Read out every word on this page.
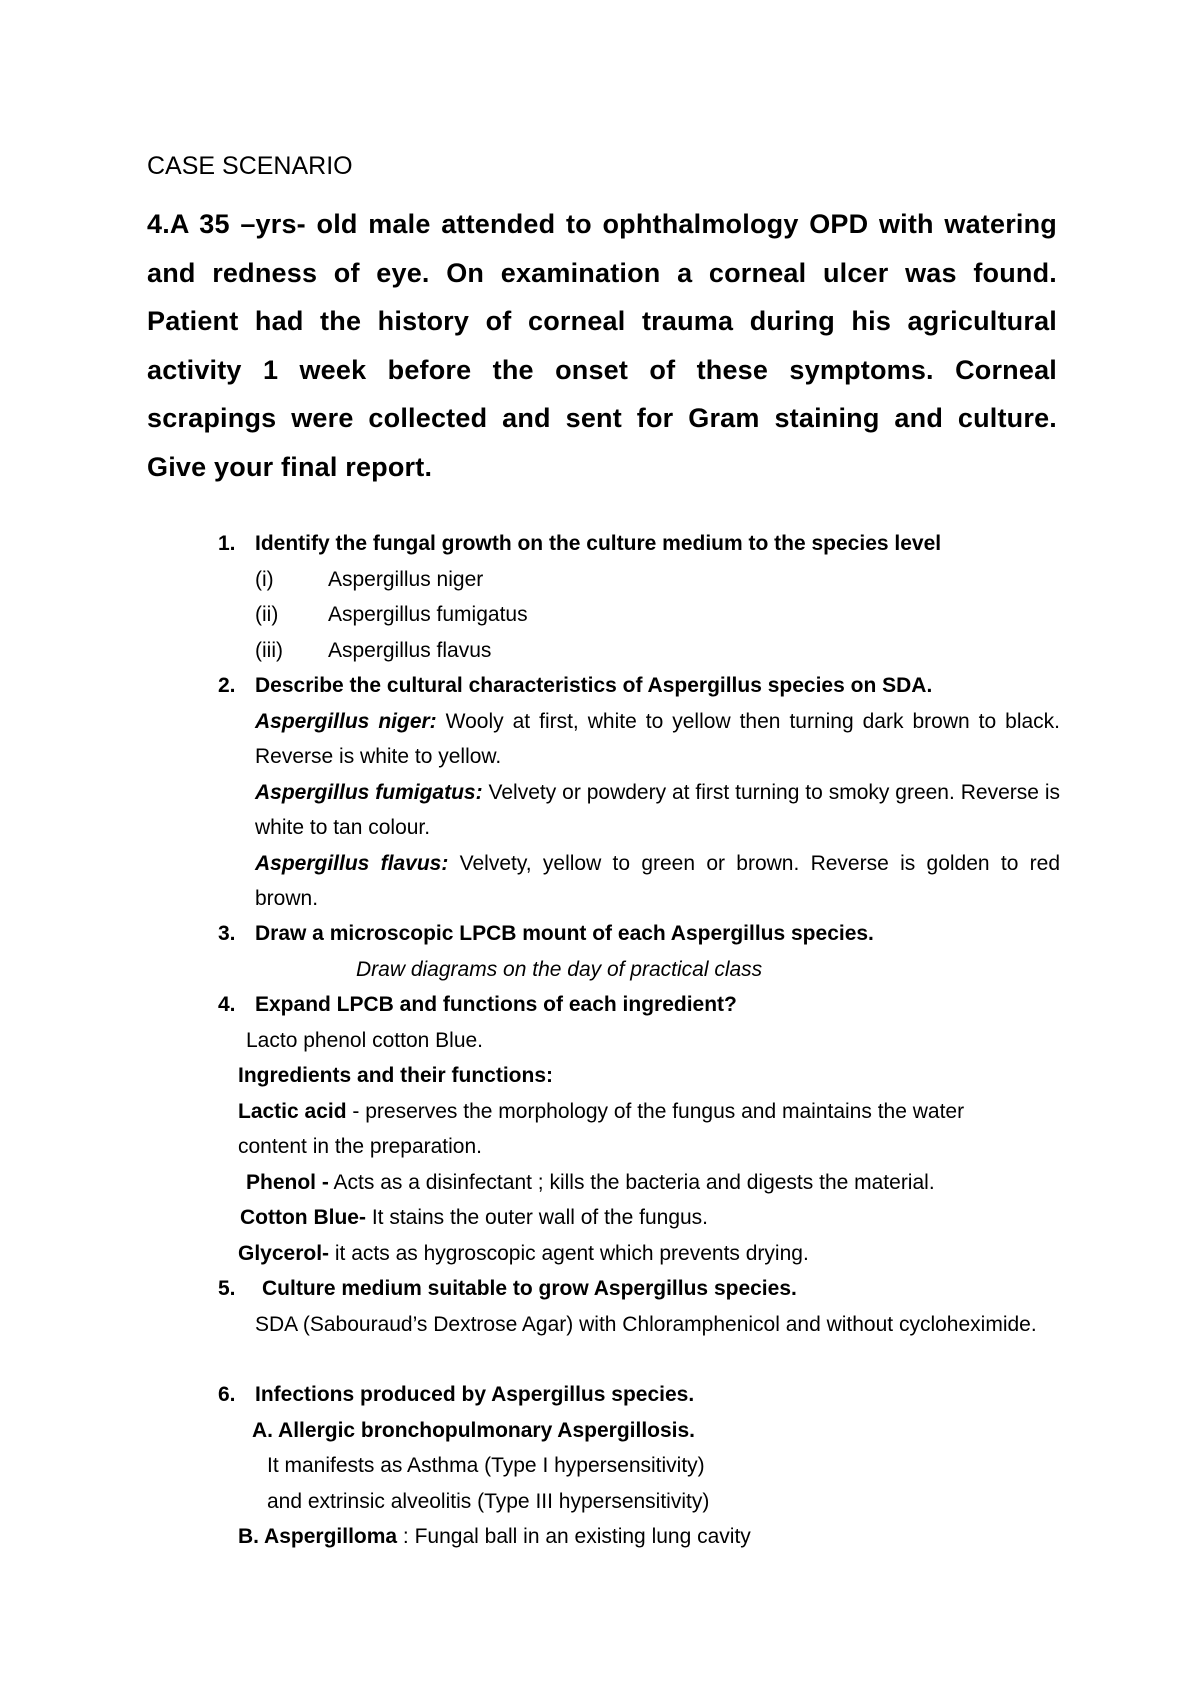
CASE SCENARIO
4.A 35 –yrs- old male attended to ophthalmology OPD with watering and redness of eye. On examination a corneal ulcer was found. Patient had the history of corneal trauma during his agricultural activity 1 week before the onset of these symptoms. Corneal scrapings were collected and sent for Gram staining and culture. Give your final report.
1. Identify the fungal growth on the culture medium to the species level
(i)	Aspergillus niger
(ii) Aspergillus fumigatus
(iii) Aspergillus flavus
2. Describe the cultural characteristics of Aspergillus species on SDA.
Aspergillus niger: Wooly at first, white to yellow then turning dark brown to black. Reverse is white to yellow.
Aspergillus fumigatus: Velvety or powdery at first turning to smoky green. Reverse is white to tan colour.
Aspergillus flavus: Velvety, yellow to green or brown. Reverse is golden to red brown.
3. Draw a microscopic LPCB mount of each Aspergillus species.
Draw diagrams on the day of practical class
4. Expand LPCB and functions of each ingredient?
Lacto phenol cotton Blue.
Ingredients and their functions:
Lactic acid - preserves the morphology of the fungus and maintains the water
content in the preparation.
Phenol - Acts as a disinfectant ; kills the bacteria and digests the material.
Cotton Blue- It stains the outer wall of the fungus.
Glycerol- it acts as hygroscopic agent which prevents drying.
5. Culture medium suitable to grow Aspergillus species.
SDA (Sabouraud’s Dextrose Agar) with Chloramphenicol and without cycloheximide.
6. Infections produced by Aspergillus species.
A. Allergic bronchopulmonary Aspergillosis.
It manifests as Asthma (Type I hypersensitivity)
and extrinsic alveolitis (Type III hypersensitivity)
B. Aspergilloma : Fungal ball in an existing lung cavity
